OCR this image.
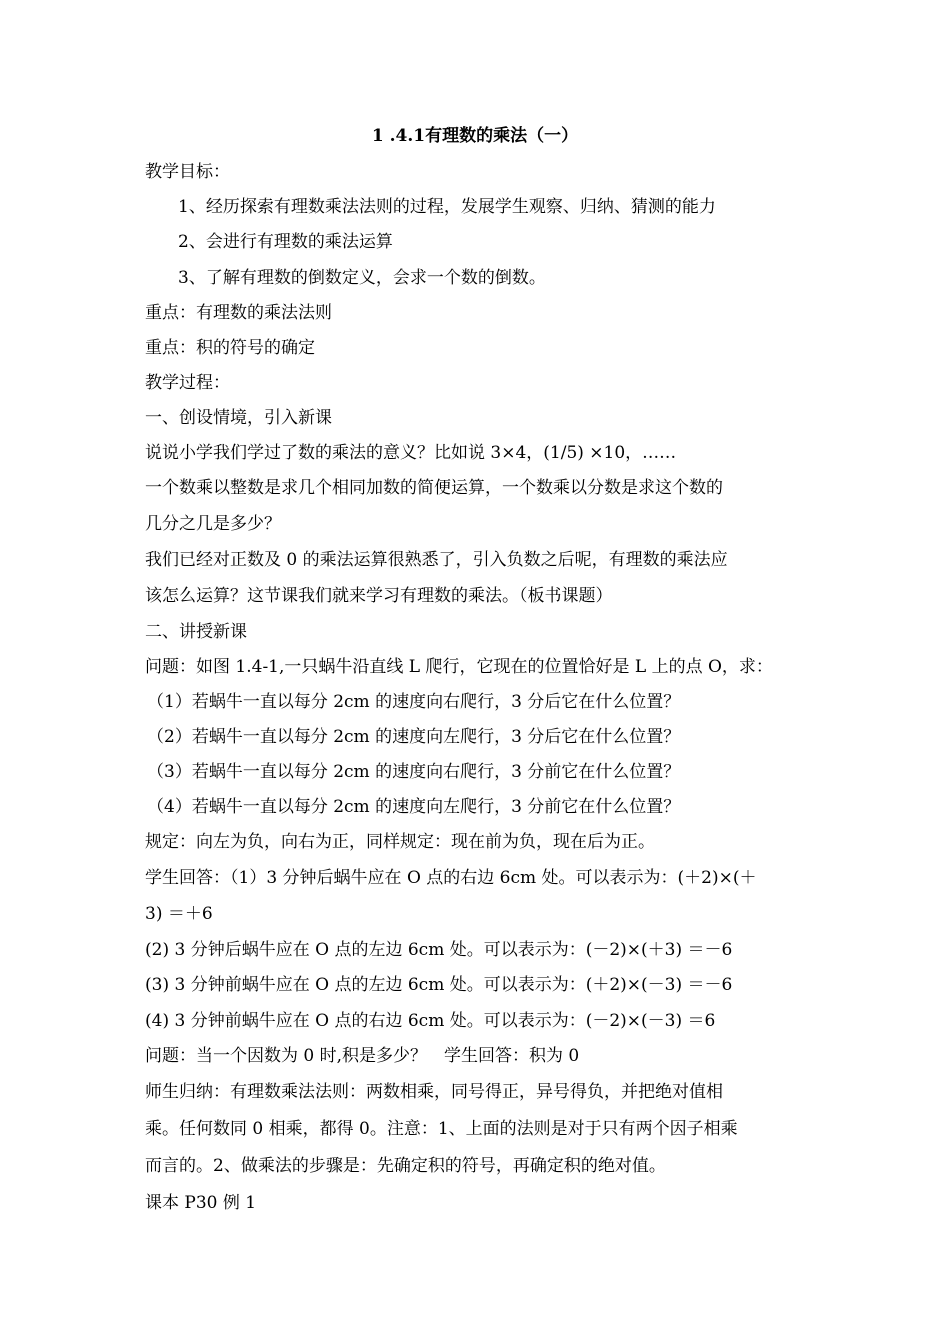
1 .4.1有理数的乘法（一）
教学目标：
1、经历探索有理数乘法法则的过程，发展学生观察、归纳、猜测的能力
2、会进行有理数的乘法运算
3、了解有理数的倒数定义，会求一个数的倒数。
重点：有理数的乘法法则
重点：积的符号的确定
教学过程：
一、创设情境，引入新课
说说小学我们学过了数的乘法的意义？比如说 3×4，(1/5) ×10，……
一个数乘以整数是求几个相同加数的简便运算，一个数乘以分数是求这个数的
几分之几是多少？
我们已经对正数及 0 的乘法运算很熟悉了，引入负数之后呢，有理数的乘法应
该怎么运算？这节课我们就来学习有理数的乘法。（板书课题）
二、讲授新课
问题：如图 1.4-1,一只蜗牛沿直线 L 爬行，它现在的位置恰好是 L 上的点 O，求：
（1）若蜗牛一直以每分 2cm 的速度向右爬行，3 分后它在什么位置？
（2）若蜗牛一直以每分 2cm 的速度向左爬行，3 分后它在什么位置？
（3）若蜗牛一直以每分 2cm 的速度向右爬行，3 分前它在什么位置？
（4）若蜗牛一直以每分 2cm 的速度向左爬行，3 分前它在什么位置？
规定：向左为负，向右为正，同样规定：现在前为负，现在后为正。
学生回答：（1）3 分钟后蜗牛应在 O 点的右边 6cm 处。可以表示为：(＋2)×(＋
3) ＝＋6
(2) 3 分钟后蜗牛应在 O 点的左边 6cm 处。可以表示为：(－2)×(＋3) ＝－6
(3) 3 分钟前蜗牛应在 O 点的左边 6cm 处。可以表示为：(＋2)×(－3) ＝－6
(4) 3 分钟前蜗牛应在 O 点的右边 6cm 处。可以表示为：(－2)×(－3) ＝6
问题：当一个因数为 0 时,积是多少？　学生回答：积为 0
师生归纳：有理数乘法法则：两数相乘，同号得正，异号得负，并把绝对值相
乘。任何数同 0 相乘，都得 0。注意：1、上面的法则是对于只有两个因子相乘
而言的。2、做乘法的步骤是：先确定积的符号，再确定积的绝对值。
课本 P30 例 1
